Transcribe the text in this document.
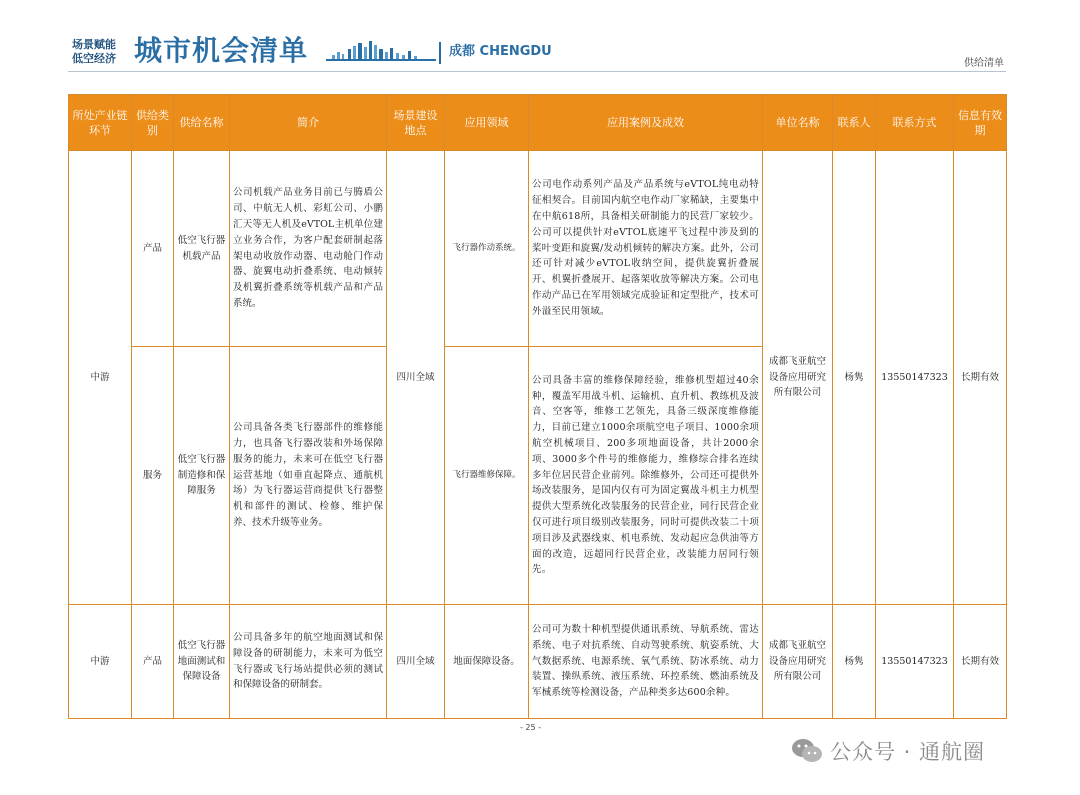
场景赋能
低空经济 城市机会清单	成都 CHENGDU
供给清单
所处产业链环节	供给类别	供给名称	简介	场景建设地点	应用领域	应用案例及成效	单位名称	联系人	联系方式	信息有效期
中游	产品	低空飞行器机载产品	公司机载产品业务目前已与腾盾公司、中航无人机、彩虹公司、小鹏汇天等无人机及eVTOL主机单位建立业务合作，为客户配套研制起落架电动收放作动器、电动舱门作动器、旋翼电动折叠系统、电动倾转及机翼折叠系统等机载产品和产品系统。	四川全域	飞行器作动系统。	公司电作动系列产品及产品系统与eVTOL纯电动特征相契合。目前国内航空电作动厂家稀缺，主要集中在中航618所，具备相关研制能力的民营厂家较少。公司可以提供针对eVTOL底速平飞过程中涉及到的桨叶变距和旋翼/发动机倾转的解决方案。此外，公司还可针对减少eVTOL收纳空间，提供旋翼折叠展开、机翼折叠展开、起落架收放等解决方案。公司电作动产品已在军用领域完成验证和定型批产，技术可外溢至民用领域。	成都飞亚航空设备应用研究所有限公司	杨隽	13550147323	长期有效
	服务	低空飞行器制造修和保障服务	公司具备各类飞行器部件的维修能力，也具备飞行器改装和外场保障服务的能力，未来可在低空飞行器运营基地（如垂直起降点、通航机场）为飞行器运营商提供飞行器整机和部件的测试、检修、维护保养、技术升级等业务。		飞行器维修保障。	公司具备丰富的维修保障经验，维修机型超过40余种，覆盖军用战斗机、运输机、直升机、教练机及波音、空客等，维修工艺领先，具备三级深度维修能力，目前已建立1000余项航空电子项目、1000余项航空机械项目、200多项地面设备，共计2000余项、3000多个件号的维修能力，维修综合排名连续多年位居民营企业前列。除维修外，公司还可提供外场改装服务，是国内仅有可为固定翼战斗机主力机型提供大型系统化改装服务的民营企业，同行民营企业仅可进行项目级别改装服务，同时可提供改装二十项项目涉及武器线束、机电系统、发动起应急供油等方面的改造，远超同行民营企业，改装能力居同行领先。				
中游	产品	低空飞行器地面测试和保障设备	公司具备多年的航空地面测试和保障设备的研制能力，未来可为低空飞行器或飞行场站提供必须的测试和保障设备的研制套。	四川全域	地面保障设备。	公司可为数十种机型提供通讯系统、导航系统、雷达系统、电子对抗系统、自动驾驶系统、航姿系统、大气数据系统、电源系统、氧气系统、防冰系统、动力装置、操纵系统、液压系统、环控系统、燃油系统及军械系统等检测设备，产品种类多达600余种。	成都飞亚航空设备应用研究所有限公司	杨隽	13550147323	长期有效
- 25 -
公众号 · 通航圈
